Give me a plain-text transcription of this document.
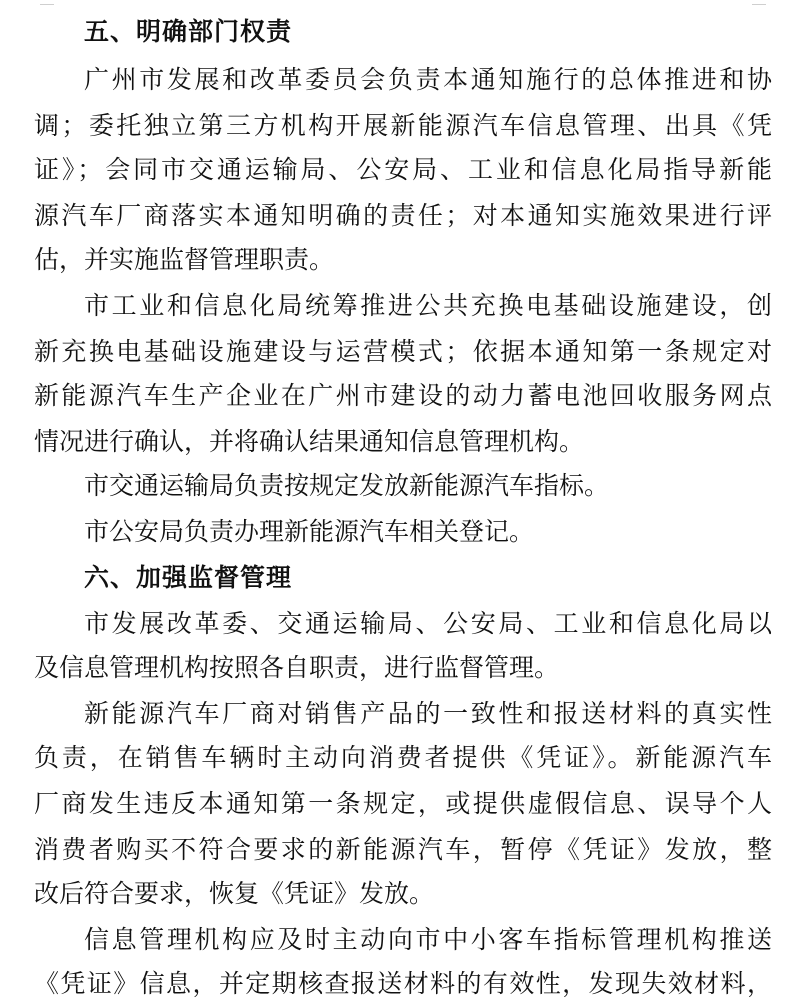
五、明确部门权责
广州市发展和改革委员会负责本通知施行的总体推进和协
调；委托独立第三方机构开展新能源汽车信息管理、出具《凭
证》；会同市交通运输局、公安局、工业和信息化局指导新能
源汽车厂商落实本通知明确的责任；对本通知实施效果进行评
估，并实施监督管理职责。
市工业和信息化局统筹推进公共充换电基础设施建设，创
新充换电基础设施建设与运营模式；依据本通知第一条规定对
新能源汽车生产企业在广州市建设的动力蓄电池回收服务网点
情况进行确认，并将确认结果通知信息管理机构。
市交通运输局负责按规定发放新能源汽车指标。
市公安局负责办理新能源汽车相关登记。
六、加强监督管理
市发展改革委、交通运输局、公安局、工业和信息化局以
及信息管理机构按照各自职责，进行监督管理。
新能源汽车厂商对销售产品的一致性和报送材料的真实性
负责，在销售车辆时主动向消费者提供《凭证》。新能源汽车
厂商发生违反本通知第一条规定，或提供虚假信息、误导个人
消费者购买不符合要求的新能源汽车，暂停《凭证》发放，整
改后符合要求，恢复《凭证》发放。
信息管理机构应及时主动向市中小客车指标管理机构推送
《凭证》信息，并定期核查报送材料的有效性，发现失效材料，
